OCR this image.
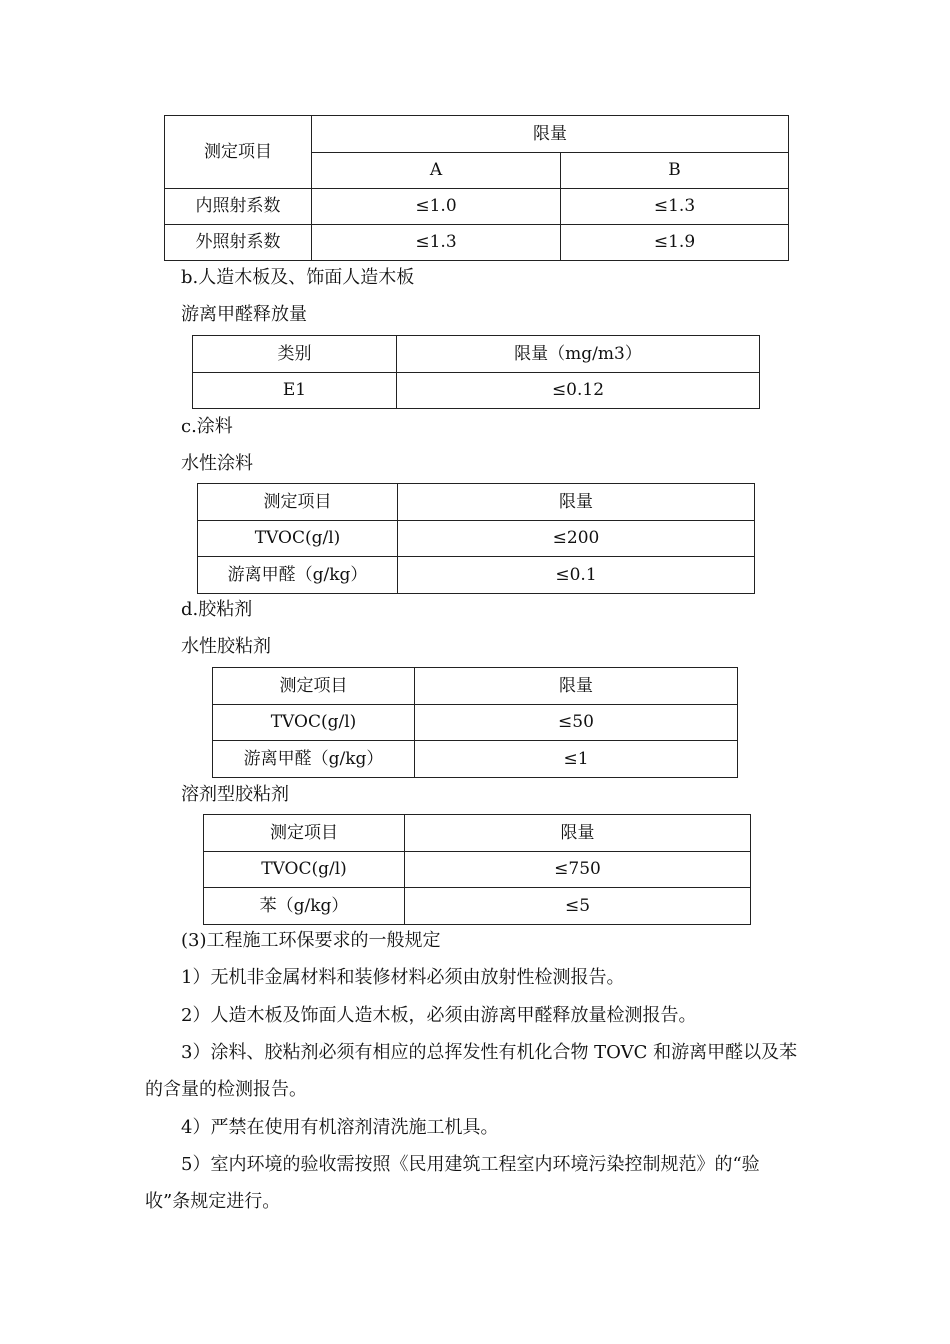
测定项目	限量	
	A	B
内照射系数	≤1.0	≤1.3
外照射系数	≤1.3	≤1.9
b.人造木板及、饰面人造木板
游离甲醛释放量
类别	限量（mg/m3）
E1	≤0.12
c.涂料
水性涂料
测定项目	限量
TVOC(g/l)	≤200
游离甲醛（g/kg）	≤0.1
d.胶粘剂
水性胶粘剂
测定项目	限量
TVOC(g/l)	≤50
游离甲醛（g/kg）	≤1
溶剂型胶粘剂
测定项目	限量
TVOC(g/l)	≤750
苯（g/kg）	≤5
(3)工程施工环保要求的一般规定
1）无机非金属材料和装修材料必须由放射性检测报告。
2）人造木板及饰面人造木板，必须由游离甲醛释放量检测报告。
3）涂料、胶粘剂必须有相应的总挥发性有机化合物 TOVC 和游离甲醛以及苯
的含量的检测报告。
4）严禁在使用有机溶剂清洗施工机具。
5）室内环境的验收需按照《民用建筑工程室内环境污染控制规范》的“验
收”条规定进行。
